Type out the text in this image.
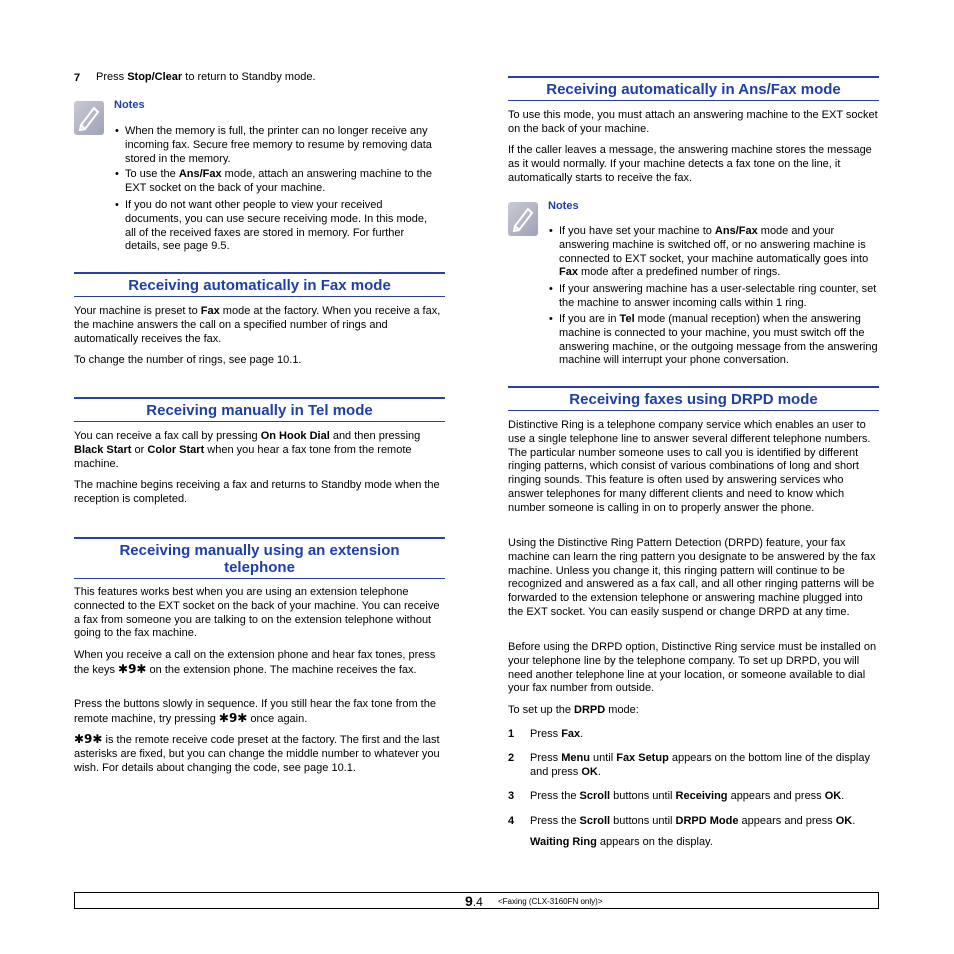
7 Press Stop/Clear to return to Standby mode.

Notes

• When the memory is full, the printer can no longer receive any incoming fax. Secure free memory to resume by removing data stored in the memory.

• To use the Ans/Fax mode, attach an answering machine to the EXT socket on the back of your machine.

• If you do not want other people to view your received documents, you can use secure receiving mode. In this mode, all of the received faxes are stored in memory. For further details, see page 9.5.

Receiving automatically in Fax mode

Your machine is preset to Fax mode at the factory. When you receive a fax, the machine answers the call on a specified number of rings and automatically receives the fax.

To change the number of rings, see page 10.1.

Receiving manually in Tel mode

You can receive a fax call by pressing On Hook Dial and then pressing Black Start or Color Start when you hear a fax tone from the remote machine.

The machine begins receiving a fax and returns to Standby mode when the reception is completed.

Receiving manually using an extension
telephone

This features works best when you are using an extension telephone connected to the EXT socket on the back of your machine. You can receive a fax from someone you are talking to on the extension telephone without going to the fax machine.

When you receive a call on the extension phone and hear fax tones, press the keys ✱9✱ on the extension phone. The machine receives the fax.

Press the buttons slowly in sequence. If you still hear the fax tone from the remote machine, try pressing ✱9✱ once again.

✱9✱ is the remote receive code preset at the factory. The first and the last asterisks are fixed, but you can change the middle number to whatever you wish. For details about changing the code, see page 10.1.

Receiving automatically in Ans/Fax mode

To use this mode, you must attach an answering machine to the EXT socket on the back of your machine.

If the caller leaves a message, the answering machine stores the message as it would normally. If your machine detects a fax tone on the line, it automatically starts to receive the fax.

Notes

• If you have set your machine to Ans/Fax mode and your answering machine is switched off, or no answering machine is connected to EXT socket, your machine automatically goes into Fax mode after a predefined number of rings.

• If your answering machine has a user-selectable ring counter, set the machine to answer incoming calls within 1 ring.

• If you are in Tel mode (manual reception) when the answering machine is connected to your machine, you must switch off the answering machine, or the outgoing message from the answering machine will interrupt your phone conversation.

Receiving faxes using DRPD mode

Distinctive Ring is a telephone company service which enables an user to use a single telephone line to answer several different telephone numbers. The particular number someone uses to call you is identified by different ringing patterns, which consist of various combinations of long and short ringing sounds. This feature is often used by answering services who answer telephones for many different clients and need to know which number someone is calling in on to properly answer the phone.

Using the Distinctive Ring Pattern Detection (DRPD) feature, your fax machine can learn the ring pattern you designate to be answered by the fax machine. Unless you change it, this ringing pattern will continue to be recognized and answered as a fax call, and all other ringing patterns will be forwarded to the extension telephone or answering machine plugged into the EXT socket. You can easily suspend or change DRPD at any time.

Before using the DRPD option, Distinctive Ring service must be installed on your telephone line by the telephone company. To set up DRPD, you will need another telephone line at your location, or someone available to dial your fax number from outside.

To set up the DRPD mode:

1 Press Fax.

2 Press Menu until Fax Setup appears on the bottom line of the display and press OK.

3 Press the Scroll buttons until Receiving appears and press OK.

4 Press the Scroll buttons until DRPD Mode appears and press OK.

Waiting Ring appears on the display.

9.4 <Faxing (CLX-3160FN only)>
